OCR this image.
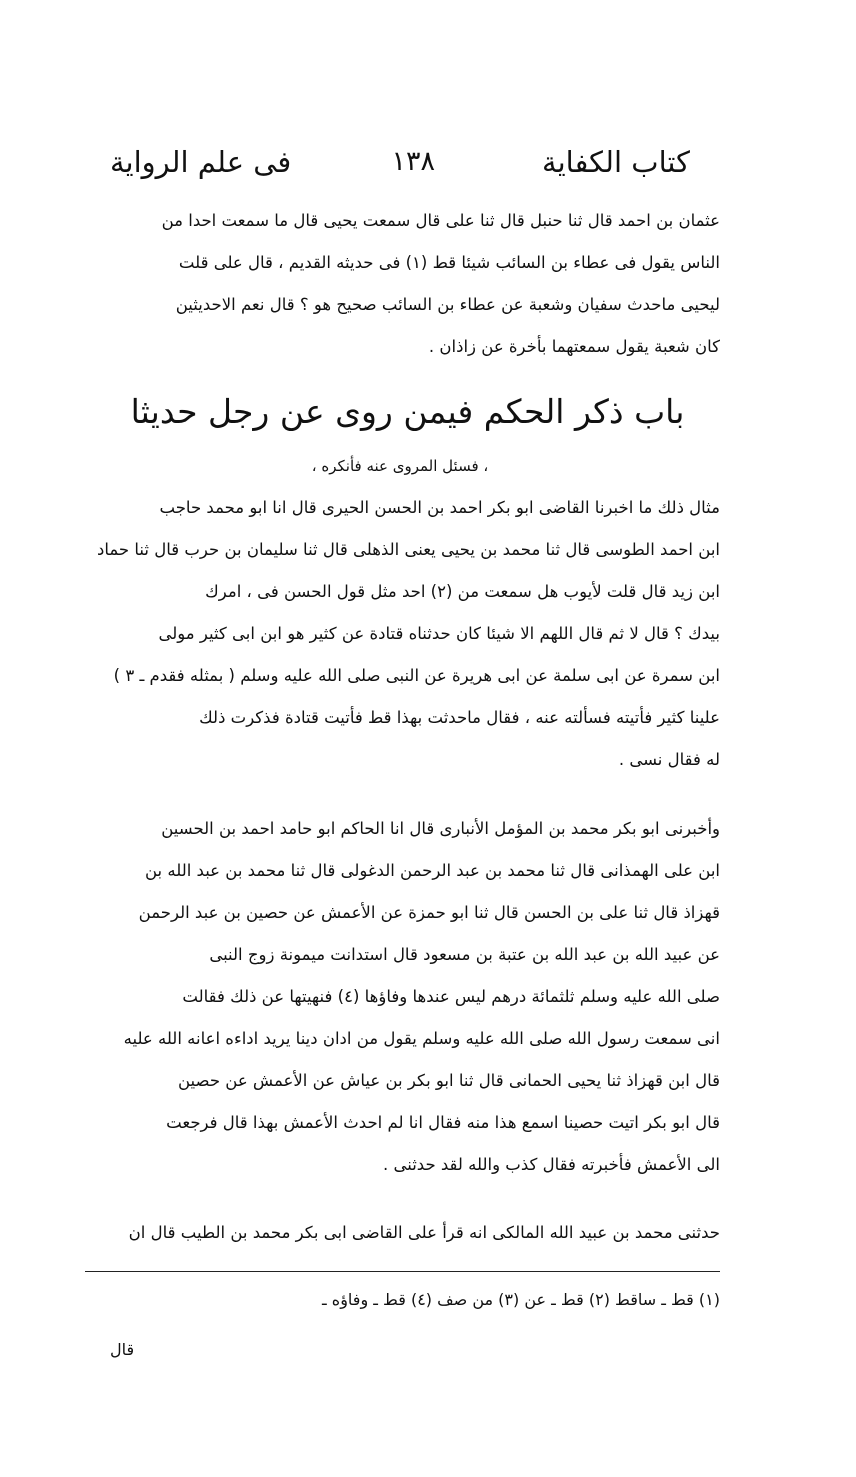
كتاب الكفاية
١٣٨
فى علم الرواية
عثمان بن احمد قال ثنا حنبل قال ثنا على قال سمعت يحيى قال ما سمعت احدا من
الناس يقول فى عطاء بن السائب شيئا قط (١) فى حديثه القديم ، قال على قلت
ليحيى ماحدث سفيان وشعبة عن عطاء بن السائب صحيح هو ؟ قال نعم الاحديثين
كان شعبة يقول سمعتهما بأخرة عن زاذان .
باب ذكر الحكم فيمن روى عن رجل حديثا
، فسئل المروى عنه فأنكره ،
مثال ذلك ما اخبرنا القاضى ابو بكر احمد بن الحسن الحيرى قال انا ابو محمد حاجب
ابن احمد الطوسى قال ثنا محمد بن يحيى يعنى الذهلى قال ثنا سليمان بن حرب قال ثنا حماد
ابن زيد قال قلت لأيوب هل سمعت من (٢) احد مثل قول الحسن فى ، امرك
بيدك ؟ قال لا ثم قال اللهم الا شيئا كان حدثناه قتادة عن كثير هو ابن ابى كثير مولى
ابن سمرة عن ابى سلمة عن ابى هريرة عن النبى صلى الله عليه وسلم ( بمثله فقدم ـ ٣ )
علينا كثير فأتيته فسألته عنه ، فقال ماحدثت بهذا قط فأتيت قتادة فذكرت ذلك
له فقال نسى .
وأخبرنى ابو بكر محمد بن المؤمل الأنبارى قال انا الحاكم ابو حامد احمد بن الحسين
ابن على الهمذانى قال ثنا محمد بن عبد الرحمن الدغولى قال ثنا محمد بن عبد الله بن
قهزاذ قال ثنا على بن الحسن قال ثنا ابو حمزة عن الأعمش عن حصين بن عبد الرحمن
عن عبيد الله بن عبد الله بن عتبة بن مسعود قال استدانت ميمونة زوج النبى
صلى الله عليه وسلم ثلثمائة درهم ليس عندها وفاؤها (٤) فنهيتها عن ذلك فقالت
انى سمعت رسول الله صلى الله عليه وسلم يقول من ادان دينا يريد اداءه اعانه الله عليه
قال ابن قهزاذ ثنا يحيى الحمانى قال ثنا ابو بكر بن عياش عن الأعمش عن حصين
قال ابو بكر اتيت حصينا اسمع هذا منه فقال انا لم احدث الأعمش بهذا قال فرجعت
الى الأعمش فأخبرته فقال كذب والله لقد حدثنى .
حدثنى محمد بن عبيد الله المالكى انه قرأ على القاضى ابى بكر محمد بن الطيب قال ان
(١) قط ـ ساقط (٢) قط ـ عن (٣) من صف (٤) قط ـ وفاؤه ـ
قال
